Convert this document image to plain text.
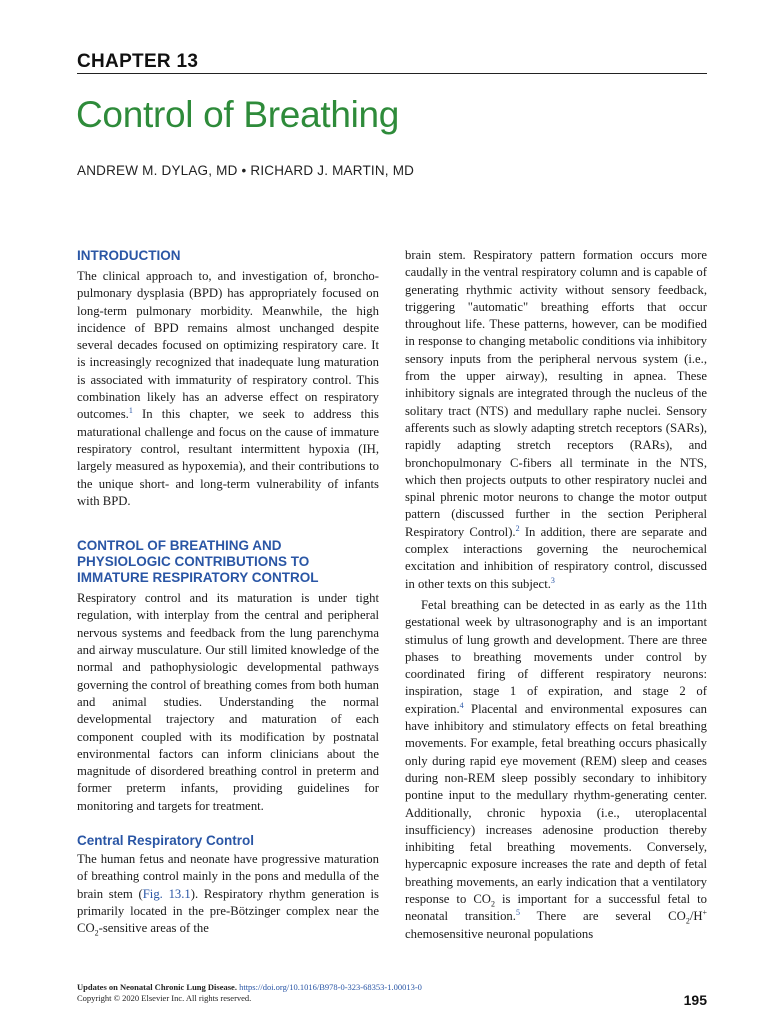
CHAPTER 13
Control of Breathing
ANDREW M. DYLAG, MD • RICHARD J. MARTIN, MD
INTRODUCTION

The clinical approach to, and investigation of, broncho-pulmonary dysplasia (BPD) has appropriately focused on long-term pulmonary morbidity. Meanwhile, the high incidence of BPD remains almost unchanged despite several decades focused on optimizing respiratory care. It is increasingly recognized that inadequate lung maturation is associated with immaturity of respiratory control. This combination likely has an adverse effect on respiratory outcomes.$^1$ In this chapter, we seek to address this maturational challenge and focus on the cause of immature respiratory control, resultant intermittent hypoxia (IH, largely measured as hypoxemia), and their contributions to the unique short- and long-term vulnerability of infants with BPD.

CONTROL OF BREATHING AND
PHYSIOLOGIC CONTRIBUTIONS TO
IMMATURE RESPIRATORY CONTROL

Respiratory control and its maturation is under tight regulation, with interplay from the central and peripheral nervous systems and feedback from the lung parenchyma and airway musculature. Our still limited knowledge of the normal and pathophysiologic developmental pathways governing the control of breathing comes from both human and animal studies. Understanding the normal developmental trajectory and maturation of each component coupled with its modification by postnatal environmental factors can inform clinicians about the magnitude of disordered breathing control in preterm and former preterm infants, providing guidelines for monitoring and targets for treatment.

Central Respiratory Control

The human fetus and neonate have progressive maturation of breathing control mainly in the pons and medulla of the brain stem (Fig. 13.1). Respiratory rhythm generation is primarily located in the pre-Bötzinger complex near the $CO_2$-sensitive areas of the

brain stem. Respiratory pattern formation occurs more caudally in the ventral respiratory column and is capable of generating rhythmic activity without sensory feedback, triggering "automatic" breathing efforts that occur throughout life. These patterns, however, can be modified in response to changing metabolic conditions via inhibitory sensory inputs from the peripheral nervous system (i.e., from the upper airway), resulting in apnea. These inhibitory signals are integrated through the nucleus of the solitary tract (NTS) and medullary raphe nuclei. Sensory afferents such as slowly adapting stretch receptors (SARs), rapidly adapting stretch receptors (RARs), and bronchopulmonary C-fibers all terminate in the NTS, which then projects outputs to other respiratory nuclei and spinal phrenic motor neurons to change the motor output pattern (discussed further in the section Peripheral Respiratory Control).$^2$ In addition, there are separate and complex interactions governing the neurochemical excitation and inhibition of respiratory control, discussed in other texts on this subject.$^3$

Fetal breathing can be detected in as early as the 11th gestational week by ultrasonography and is an important stimulus of lung growth and development. There are three phases to breathing movements under control by coordinated firing of different respiratory neurons: inspiration, stage 1 of expiration, and stage 2 of expiration.$^4$ Placental and environmental exposures can have inhibitory and stimulatory effects on fetal breathing movements. For example, fetal breathing occurs phasically only during rapid eye movement (REM) sleep and ceases during non-REM sleep possibly secondary to inhibitory pontine input to the medullary rhythm-generating center. Additionally, chronic hypoxia (i.e., uteroplacental insufficiency) increases adenosine production thereby inhibiting fetal breathing movements. Conversely, hypercapnic exposure increases the rate and depth of fetal breathing movements, an early indication that a ventilatory response to $CO_2$ is important for a successful fetal to neonatal transition.$^5$ There are several $CO_2/H^+$ chemosensitive neuronal populations

Updates on Neonatal Chronic Lung Disease. https://doi.org/10.1016/B978-0-323-68353-1.00013-0
Copyright © 2020 Elsevier Inc. All rights reserved.	195
